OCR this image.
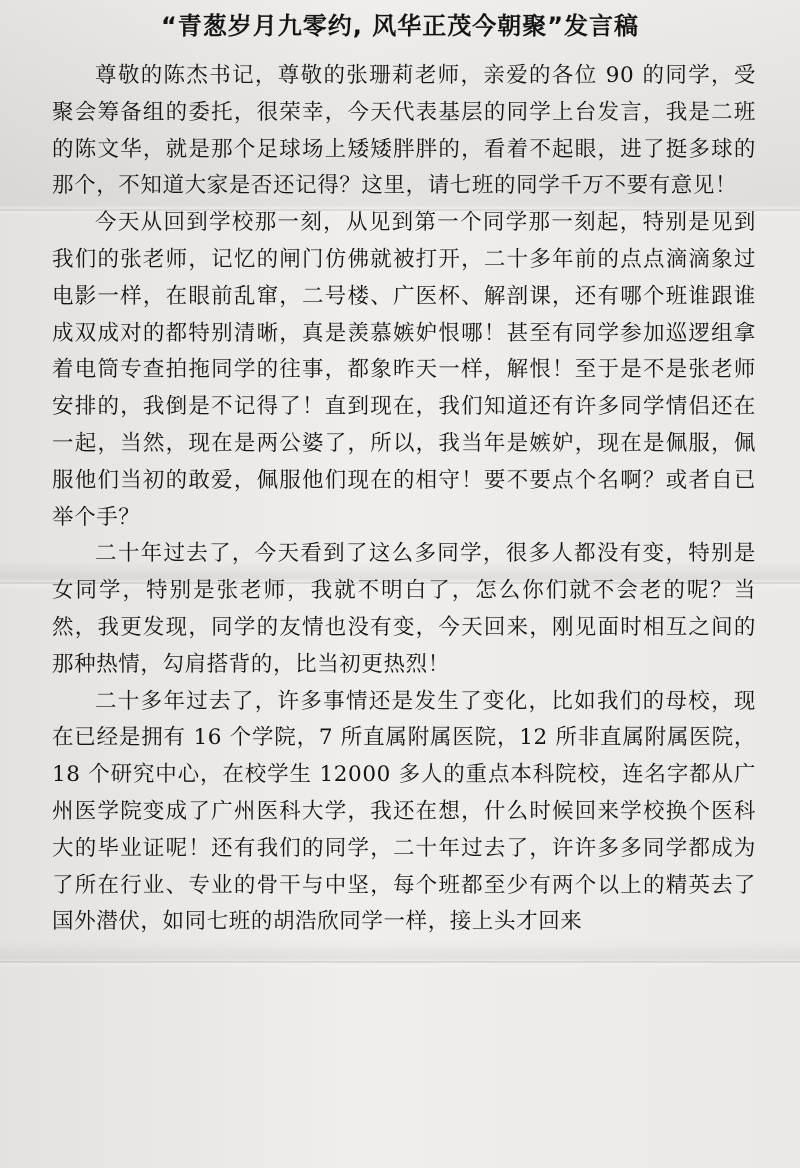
“青葱岁月九零约, 风华正茂今朝聚”发言稿

尊敬的陈杰书记，尊敬的张珊莉老师，亲爱的各位 90 的同学，受聚会筹备组的委托，很荣幸，今天代表基层的同学上台发言，我是二班的陈文华，就是那个足球场上矮矮胖胖的，看着不起眼，进了挺多球的那个，不知道大家是否还记得？这里，请七班的同学千万不要有意见！

今天从回到学校那一刻，从见到第一个同学那一刻起，特别是见到我们的张老师，记忆的闸门仿佛就被打开，二十多年前的点点滴滴象过电影一样，在眼前乱窜，二号楼、广医杯、解剖课，还有哪个班谁跟谁成双成对的都特别清晰，真是羡慕嫉妒恨哪！甚至有同学参加巡逻组拿着电筒专查拍拖同学的往事，都象昨天一样，解恨！至于是不是张老师安排的，我倒是不记得了！直到现在，我们知道还有许多同学情侣还在一起，当然，现在是两公婆了，所以，我当年是嫉妒，现在是佩服，佩服他们当初的敢爱，佩服他们现在的相守！要不要点个名啊？或者自已举个手？

二十年过去了，今天看到了这么多同学，很多人都没有变，特别是女同学，特别是张老师，我就不明白了，怎么你们就不会老的呢？当然，我更发现，同学的友情也没有变，今天回来，刚见面时相互之间的那种热情，勾肩搭背的，比当初更热烈！

二十多年过去了，许多事情还是发生了变化，比如我们的母校，现在已经是拥有 16 个学院，7 所直属附属医院，12 所非直属附属医院，18 个研究中心，在校学生 12000 多人的重点本科院校，连名字都从广州医学院变成了广州医科大学，我还在想，什么时候回来学校换个医科大的毕业证呢！还有我们的同学，二十年过去了，许许多多同学都成为了所在行业、专业的骨干与中坚，每个班都至少有两个以上的精英去了国外潜伏，如同七班的胡浩欣同学一样，接上头才回来
